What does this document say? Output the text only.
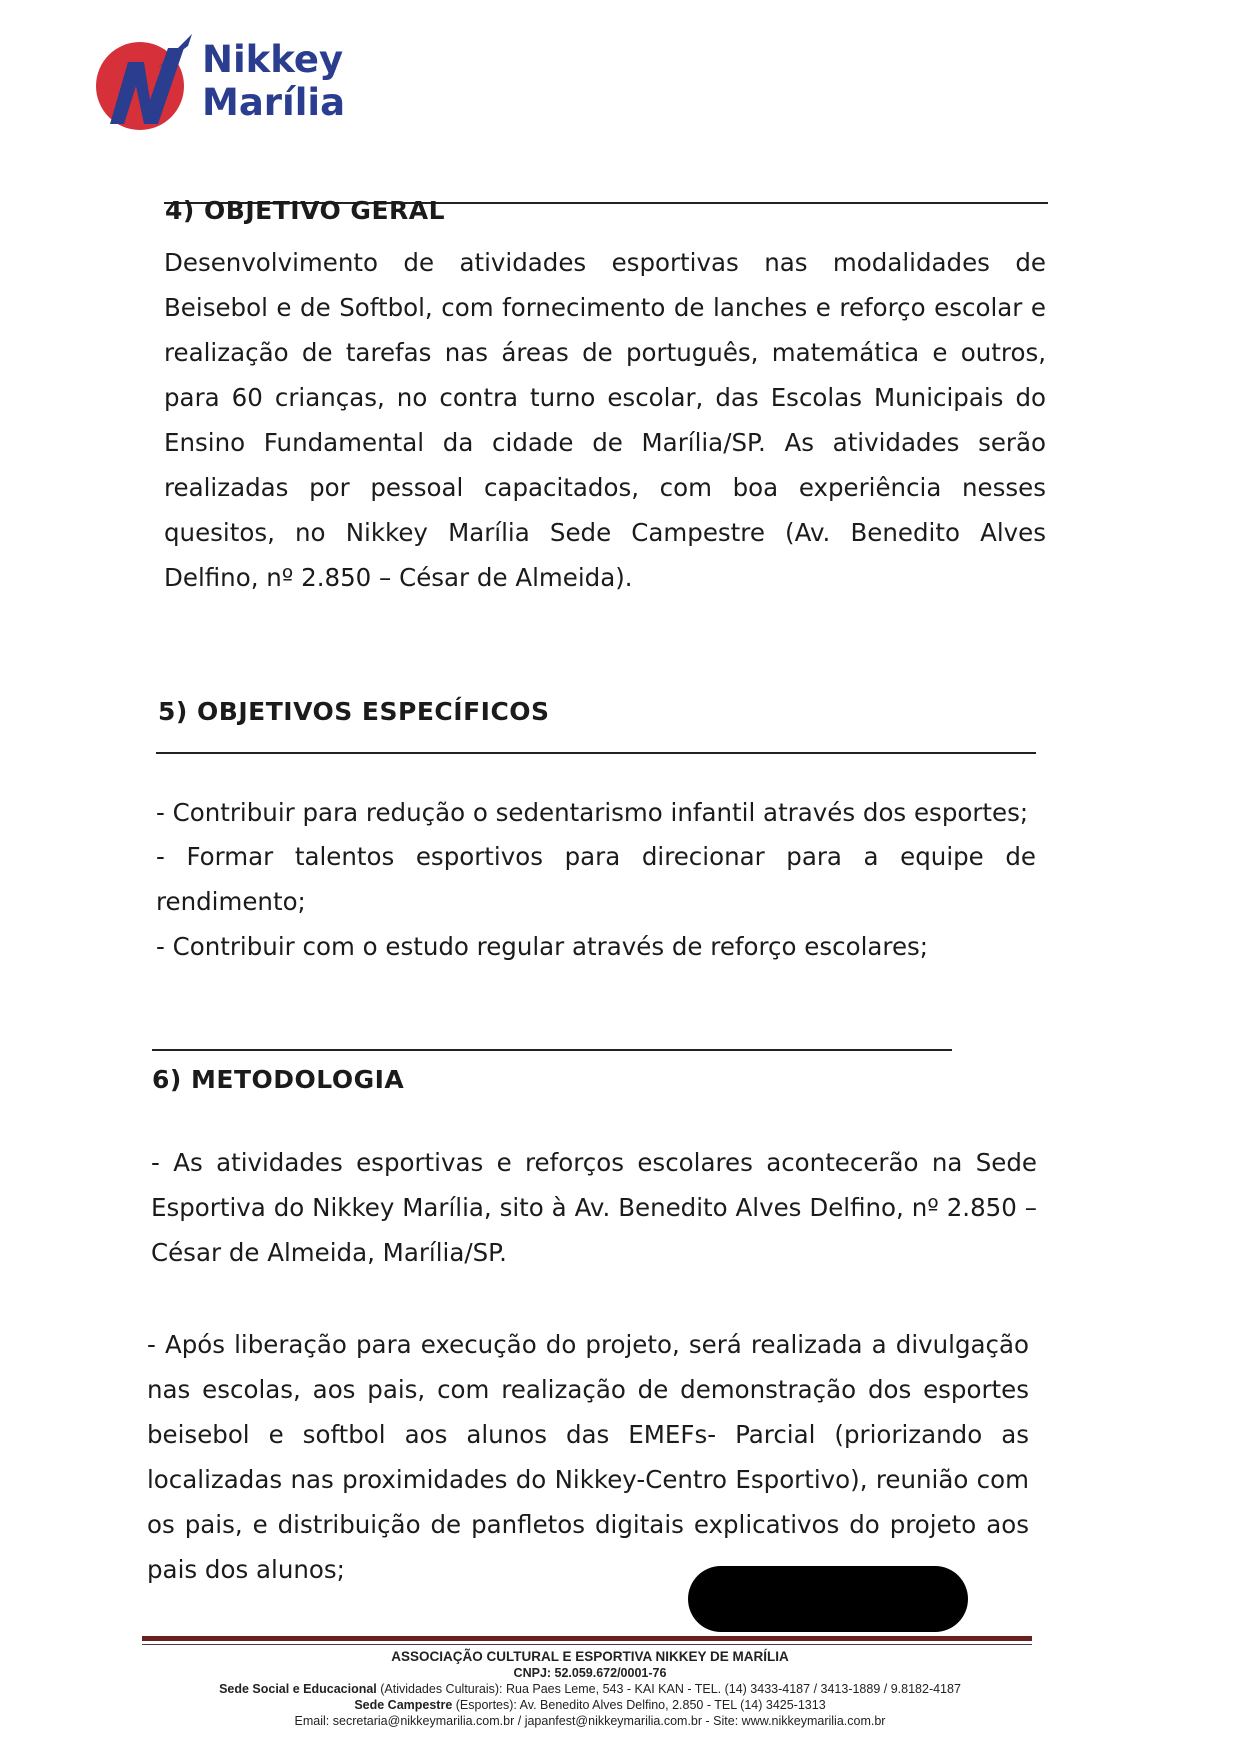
Nikkey
Marília
4) OBJETIVO GERAL

Desenvolvimento de atividades esportivas nas modalidades de Beisebol e de Softbol, com fornecimento de lanches e reforço escolar e realização de tarefas nas áreas de português, matemática e outros, para 60 crianças, no contra turno escolar, das Escolas Municipais do Ensino Fundamental da cidade de Marília/SP. As atividades serão realizadas por pessoal capacitados, com boa experiência nesses quesitos, no Nikkey Marília Sede Campestre (Av. Benedito Alves Delfino, nº 2.850 – César de Almeida).

5) OBJETIVOS ESPECÍFICOS

- Contribuir para redução o sedentarismo infantil através dos esportes;

- Formar talentos esportivos para direcionar para a equipe de rendimento;

- Contribuir com o estudo regular através de reforço escolares;

6) METODOLOGIA

- As atividades esportivas e reforços escolares acontecerão na Sede Esportiva do Nikkey Marília, sito à Av. Benedito Alves Delfino, nº 2.850 – César de Almeida, Marília/SP.

- Após liberação para execução do projeto, será realizada a divulgação nas escolas, aos pais, com realização de demonstração dos esportes beisebol e softbol aos alunos das EMEFs- Parcial (priorizando as localizadas nas proximidades do Nikkey-Centro Esportivo), reunião com os pais, e distribuição de panfletos digitais explicativos do projeto aos pais dos alunos;

ASSOCIAÇÃO CULTURAL E ESPORTIVA NIKKEY DE MARÍLIA
CNPJ: 52.059.672/0001-76
Sede Social e Educacional (Atividades Culturais): Rua Paes Leme, 543 - KAI KAN - TEL. (14) 3433-4187 / 3413-1889 / 9.8182-4187
Sede Campestre (Esportes): Av. Benedito Alves Delfino, 2.850 - TEL (14) 3425-1313
Email: secretaria@nikkeymarilia.com.br / japanfest@nikkeymarilia.com.br - Site: www.nikkeymarilia.com.br
